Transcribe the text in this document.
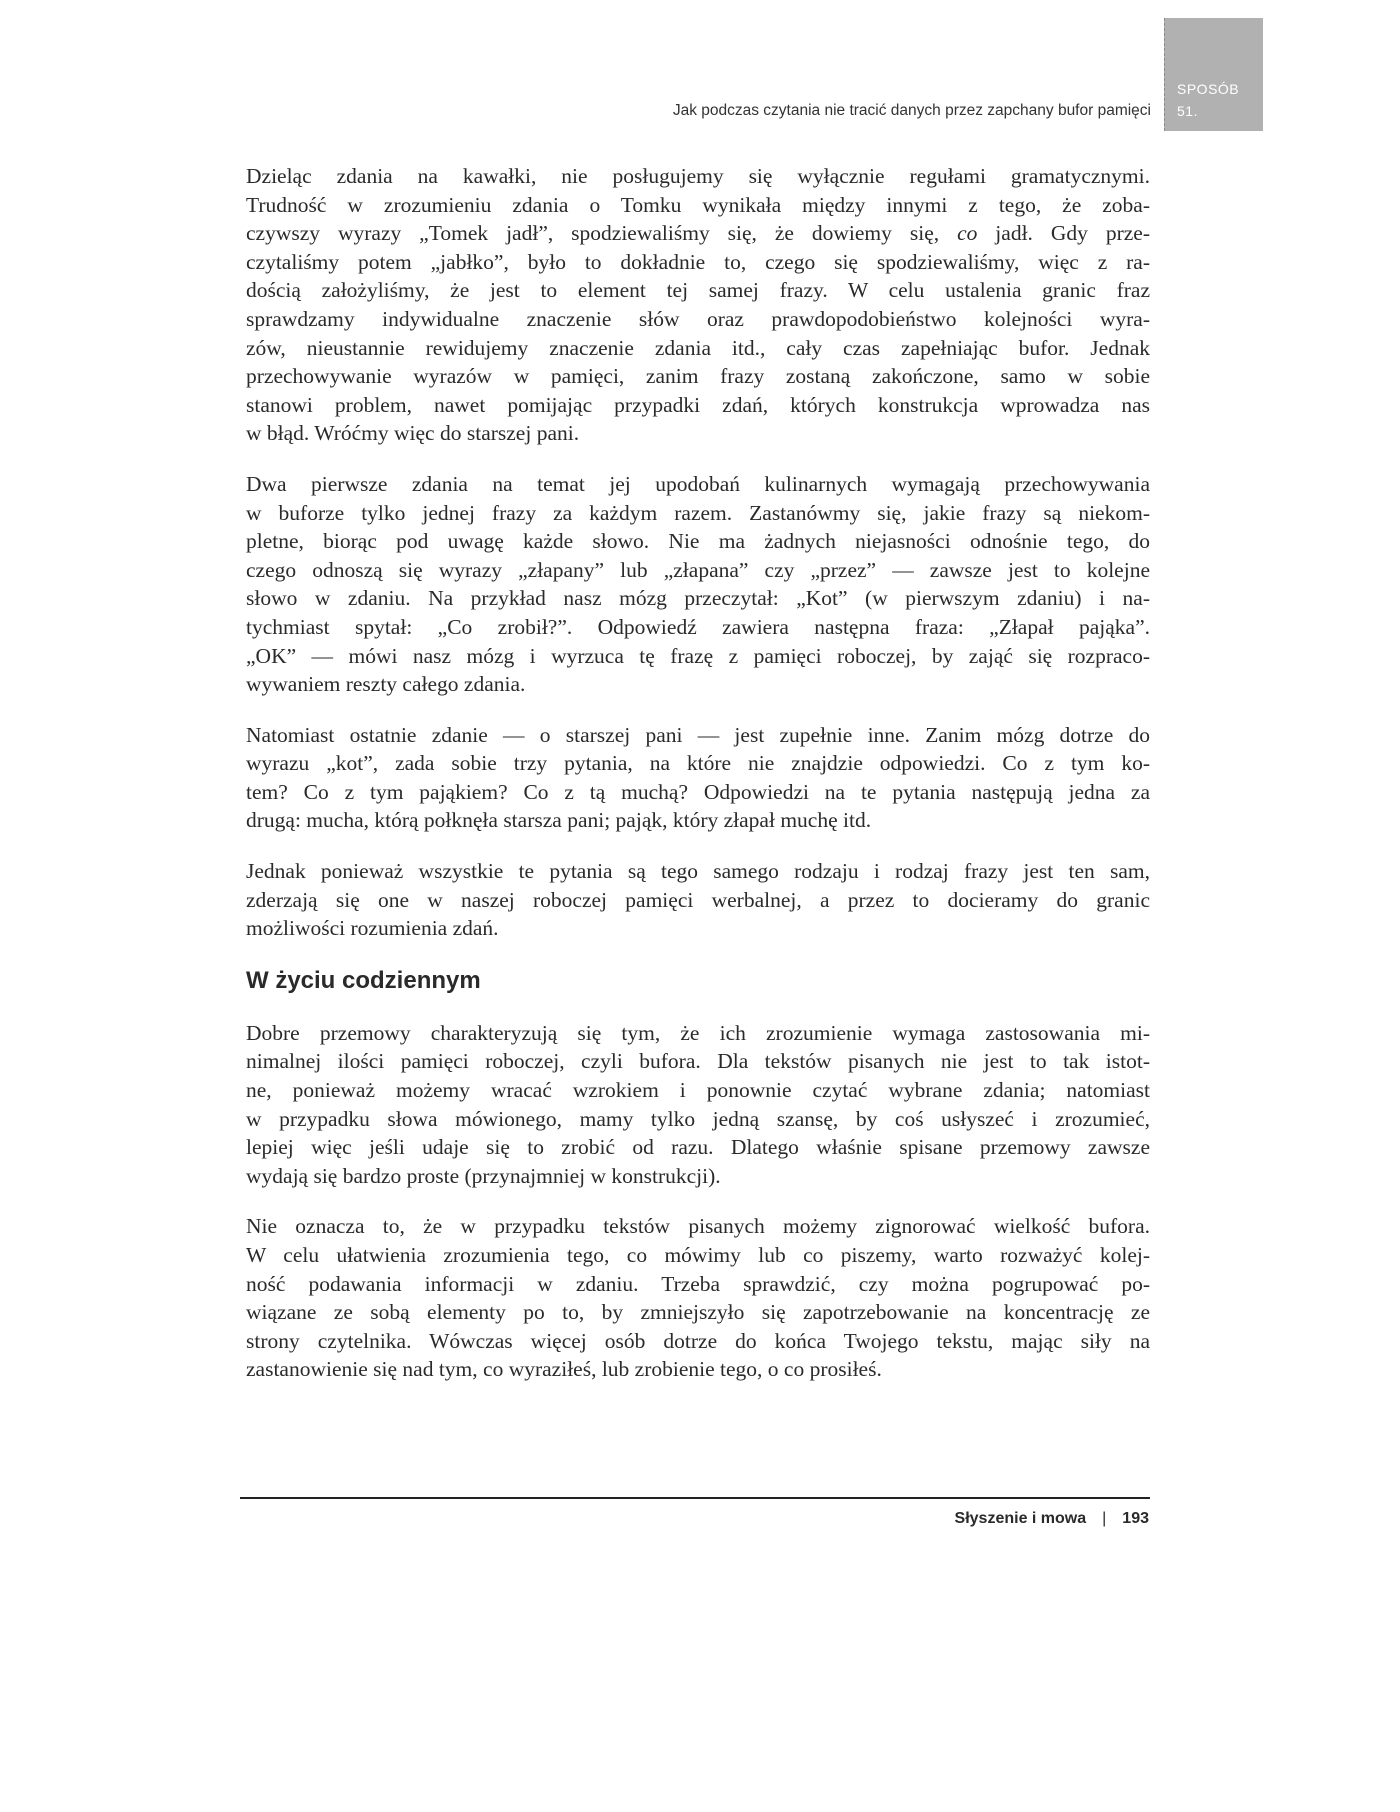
SPOSÓB
51.
Jak podczas czytania nie tracić danych przez zapchany bufor pamięci

Dzieląc zdania na kawałki, nie posługujemy się wyłącznie regułami gramatycznymi.
Trudność w zrozumieniu zdania o Tomku wynikała między innymi z tego, że zoba-
czywszy wyrazy „Tomek jadł”, spodziewaliśmy się, że dowiemy się, co jadł. Gdy prze-
czytaliśmy potem „jabłko”, było to dokładnie to, czego się spodziewaliśmy, więc z ra-
dością założyliśmy, że jest to element tej samej frazy. W celu ustalenia granic fraz
sprawdzamy indywidualne znaczenie słów oraz prawdopodobieństwo kolejności wyra-
zów, nieustannie rewidujemy znaczenie zdania itd., cały czas zapełniając bufor. Jednak
przechowywanie wyrazów w pamięci, zanim frazy zostaną zakończone, samo w sobie
stanowi problem, nawet pomijając przypadki zdań, których konstrukcja wprowadza nas
w błąd. Wróćmy więc do starszej pani.

Dwa pierwsze zdania na temat jej upodobań kulinarnych wymagają przechowywania
w buforze tylko jednej frazy za każdym razem. Zastanówmy się, jakie frazy są niekom-
pletne, biorąc pod uwagę każde słowo. Nie ma żadnych niejasności odnośnie tego, do
czego odnoszą się wyrazy „złapany” lub „złapana” czy „przez” — zawsze jest to kolejne
słowo w zdaniu. Na przykład nasz mózg przeczytał: „Kot” (w pierwszym zdaniu) i na-
tychmiast spytał: „Co zrobił?”. Odpowiedź zawiera następna fraza: „Złapał pająka”.
„OK” — mówi nasz mózg i wyrzuca tę frazę z pamięci roboczej, by zająć się rozpraco-
wywaniem reszty całego zdania.

Natomiast ostatnie zdanie — o starszej pani — jest zupełnie inne. Zanim mózg dotrze do
wyrazu „kot”, zada sobie trzy pytania, na które nie znajdzie odpowiedzi. Co z tym ko-
tem? Co z tym pająkiem? Co z tą muchą? Odpowiedzi na te pytania następują jedna za
drugą: mucha, którą połknęła starsza pani; pająk, który złapał muchę itd.

Jednak ponieważ wszystkie te pytania są tego samego rodzaju i rodzaj frazy jest ten sam,
zderzają się one w naszej roboczej pamięci werbalnej, a przez to docieramy do granic
możliwości rozumienia zdań.

W życiu codziennym

Dobre przemowy charakteryzują się tym, że ich zrozumienie wymaga zastosowania mi-
nimalnej ilości pamięci roboczej, czyli bufora. Dla tekstów pisanych nie jest to tak istot-
ne, ponieważ możemy wracać wzrokiem i ponownie czytać wybrane zdania; natomiast
w przypadku słowa mówionego, mamy tylko jedną szansę, by coś usłyszeć i zrozumieć,
lepiej więc jeśli udaje się to zrobić od razu. Dlatego właśnie spisane przemowy zawsze
wydają się bardzo proste (przynajmniej w konstrukcji).

Nie oznacza to, że w przypadku tekstów pisanych możemy zignorować wielkość bufora.
W celu ułatwienia zrozumienia tego, co mówimy lub co piszemy, warto rozważyć kolej-
ność podawania informacji w zdaniu. Trzeba sprawdzić, czy można pogrupować po-
wiązane ze sobą elementy po to, by zmniejszyło się zapotrzebowanie na koncentrację ze
strony czytelnika. Wówczas więcej osób dotrze do końca Twojego tekstu, mając siły na
zastanowienie się nad tym, co wyraziłeś, lub zrobienie tego, o co prosiłeś.

Słyszenie i mowa | 193
